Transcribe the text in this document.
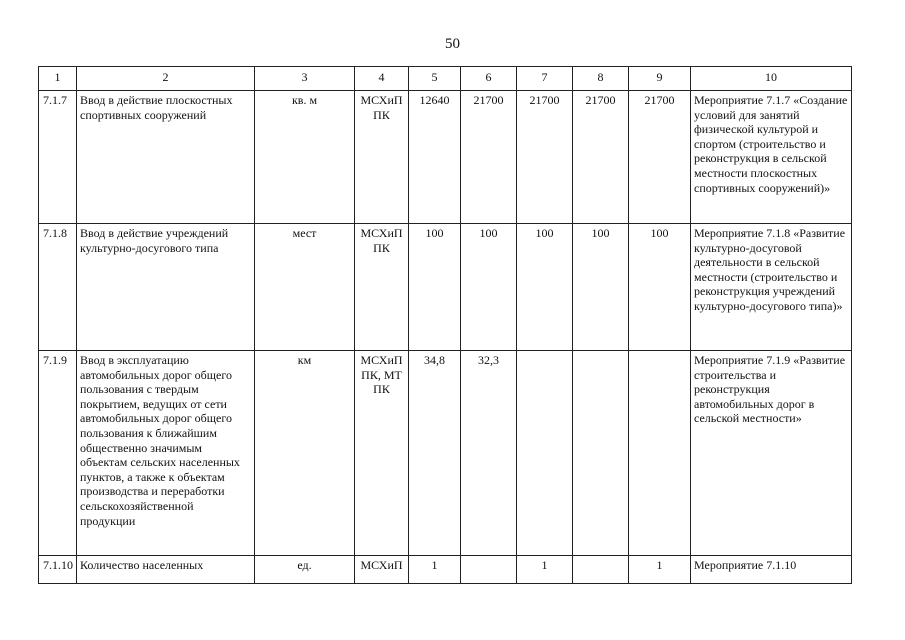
50
1	2	3	4	5	6	7	8	9	10
7.1.7	Ввод в действие плоскостных спортивных сооружений	кв. м	МСХиП ПК	12640	21700	21700	21700	21700	Мероприятие 7.1.7 «Создание условий для занятий физической культурой и спортом (строительство и реконструкция в сельской местности плоскостных спортивных сооружений)»
7.1.8	Ввод в действие учреждений культурно-досугового типа	мест	МСХиП ПК	100	100	100	100	100	Мероприятие 7.1.8 «Развитие культурно-досуговой деятельности в сельской местности (строительство и реконструкция учреждений культурно-досугового типа)»
7.1.9	Ввод в эксплуатацию автомобильных дорог общего пользования с твердым покрытием, ведущих от сети автомобильных дорог общего пользования к ближайшим общественно значимым объектам сельских населенных пунктов, а также к объектам производства и переработки сельскохозяйственной продукции	км	МСХиП ПК, МТ ПК	34,8	32,3				Мероприятие 7.1.9 «Развитие строительства и реконструкция автомобильных дорог в сельской местности»
7.1.10	Количество населенных	ед.	МСХиП	1		1		1	Мероприятие 7.1.10
